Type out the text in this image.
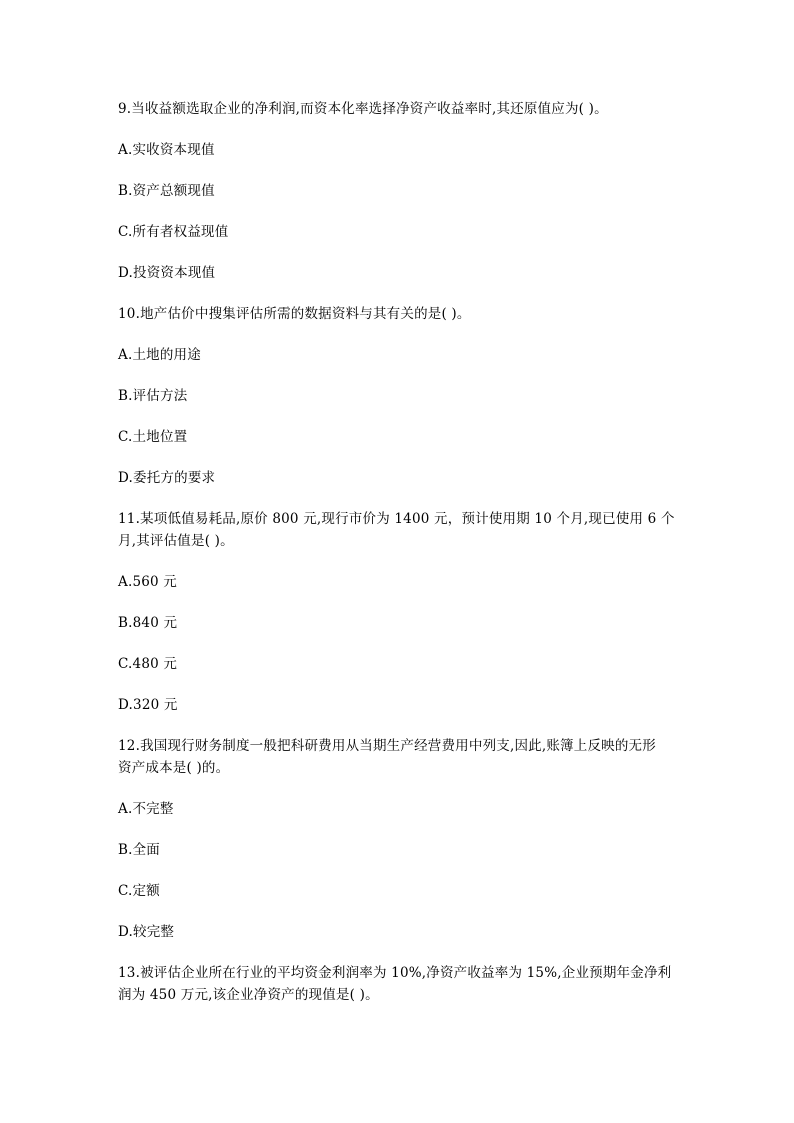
9.当收益额选取企业的净利润,而资本化率选择净资产收益率时,其还原值应为( )。

A.实收资本现值

B.资产总额现值

C.所有者权益现值

D.投资资本现值

10.地产估价中搜集评估所需的数据资料与其有关的是( )。

A.土地的用途

B.评估方法

C.土地位置

D.委托方的要求

11.某项低值易耗品,原价 800 元,现行市价为 1400 元，预计使用期 10 个月,现已使用 6 个
月,其评估值是( )。

A.560 元

B.840 元

C.480 元

D.320 元

12.我国现行财务制度一般把科研费用从当期生产经营费用中列支,因此,账簿上反映的无形
资产成本是( )的。

A.不完整

B.全面

C.定额

D.较完整

13.被评估企业所在行业的平均资金利润率为 10%,净资产收益率为 15%,企业预期年金净利
润为 450 万元,该企业净资产的现值是( )。
